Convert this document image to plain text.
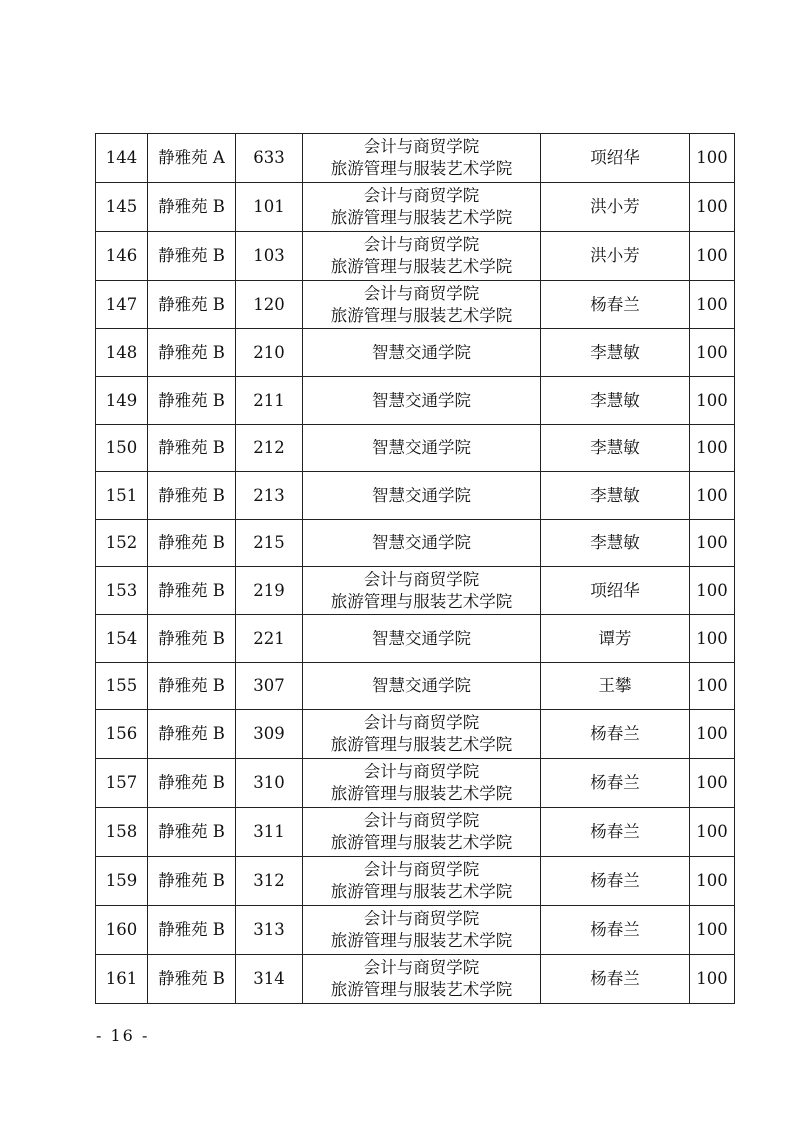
144	静雅苑 A	633	会计与商贸学院
旅游管理与服装艺术学院	项绍华	100
145	静雅苑 B	101	会计与商贸学院
旅游管理与服装艺术学院	洪小芳	100
146	静雅苑 B	103	会计与商贸学院
旅游管理与服装艺术学院	洪小芳	100
147	静雅苑 B	120	会计与商贸学院
旅游管理与服装艺术学院	杨春兰	100
148	静雅苑 B	210	智慧交通学院	李慧敏	100
149	静雅苑 B	211	智慧交通学院	李慧敏	100
150	静雅苑 B	212	智慧交通学院	李慧敏	100
151	静雅苑 B	213	智慧交通学院	李慧敏	100
152	静雅苑 B	215	智慧交通学院	李慧敏	100
153	静雅苑 B	219	会计与商贸学院
旅游管理与服装艺术学院	项绍华	100
154	静雅苑 B	221	智慧交通学院	谭芳	100
155	静雅苑 B	307	智慧交通学院	王攀	100
156	静雅苑 B	309	会计与商贸学院
旅游管理与服装艺术学院	杨春兰	100
157	静雅苑 B	310	会计与商贸学院
旅游管理与服装艺术学院	杨春兰	100
158	静雅苑 B	311	会计与商贸学院
旅游管理与服装艺术学院	杨春兰	100
159	静雅苑 B	312	会计与商贸学院
旅游管理与服装艺术学院	杨春兰	100
160	静雅苑 B	313	会计与商贸学院
旅游管理与服装艺术学院	杨春兰	100
161	静雅苑 B	314	会计与商贸学院
旅游管理与服装艺术学院	杨春兰	100
- 16 -
